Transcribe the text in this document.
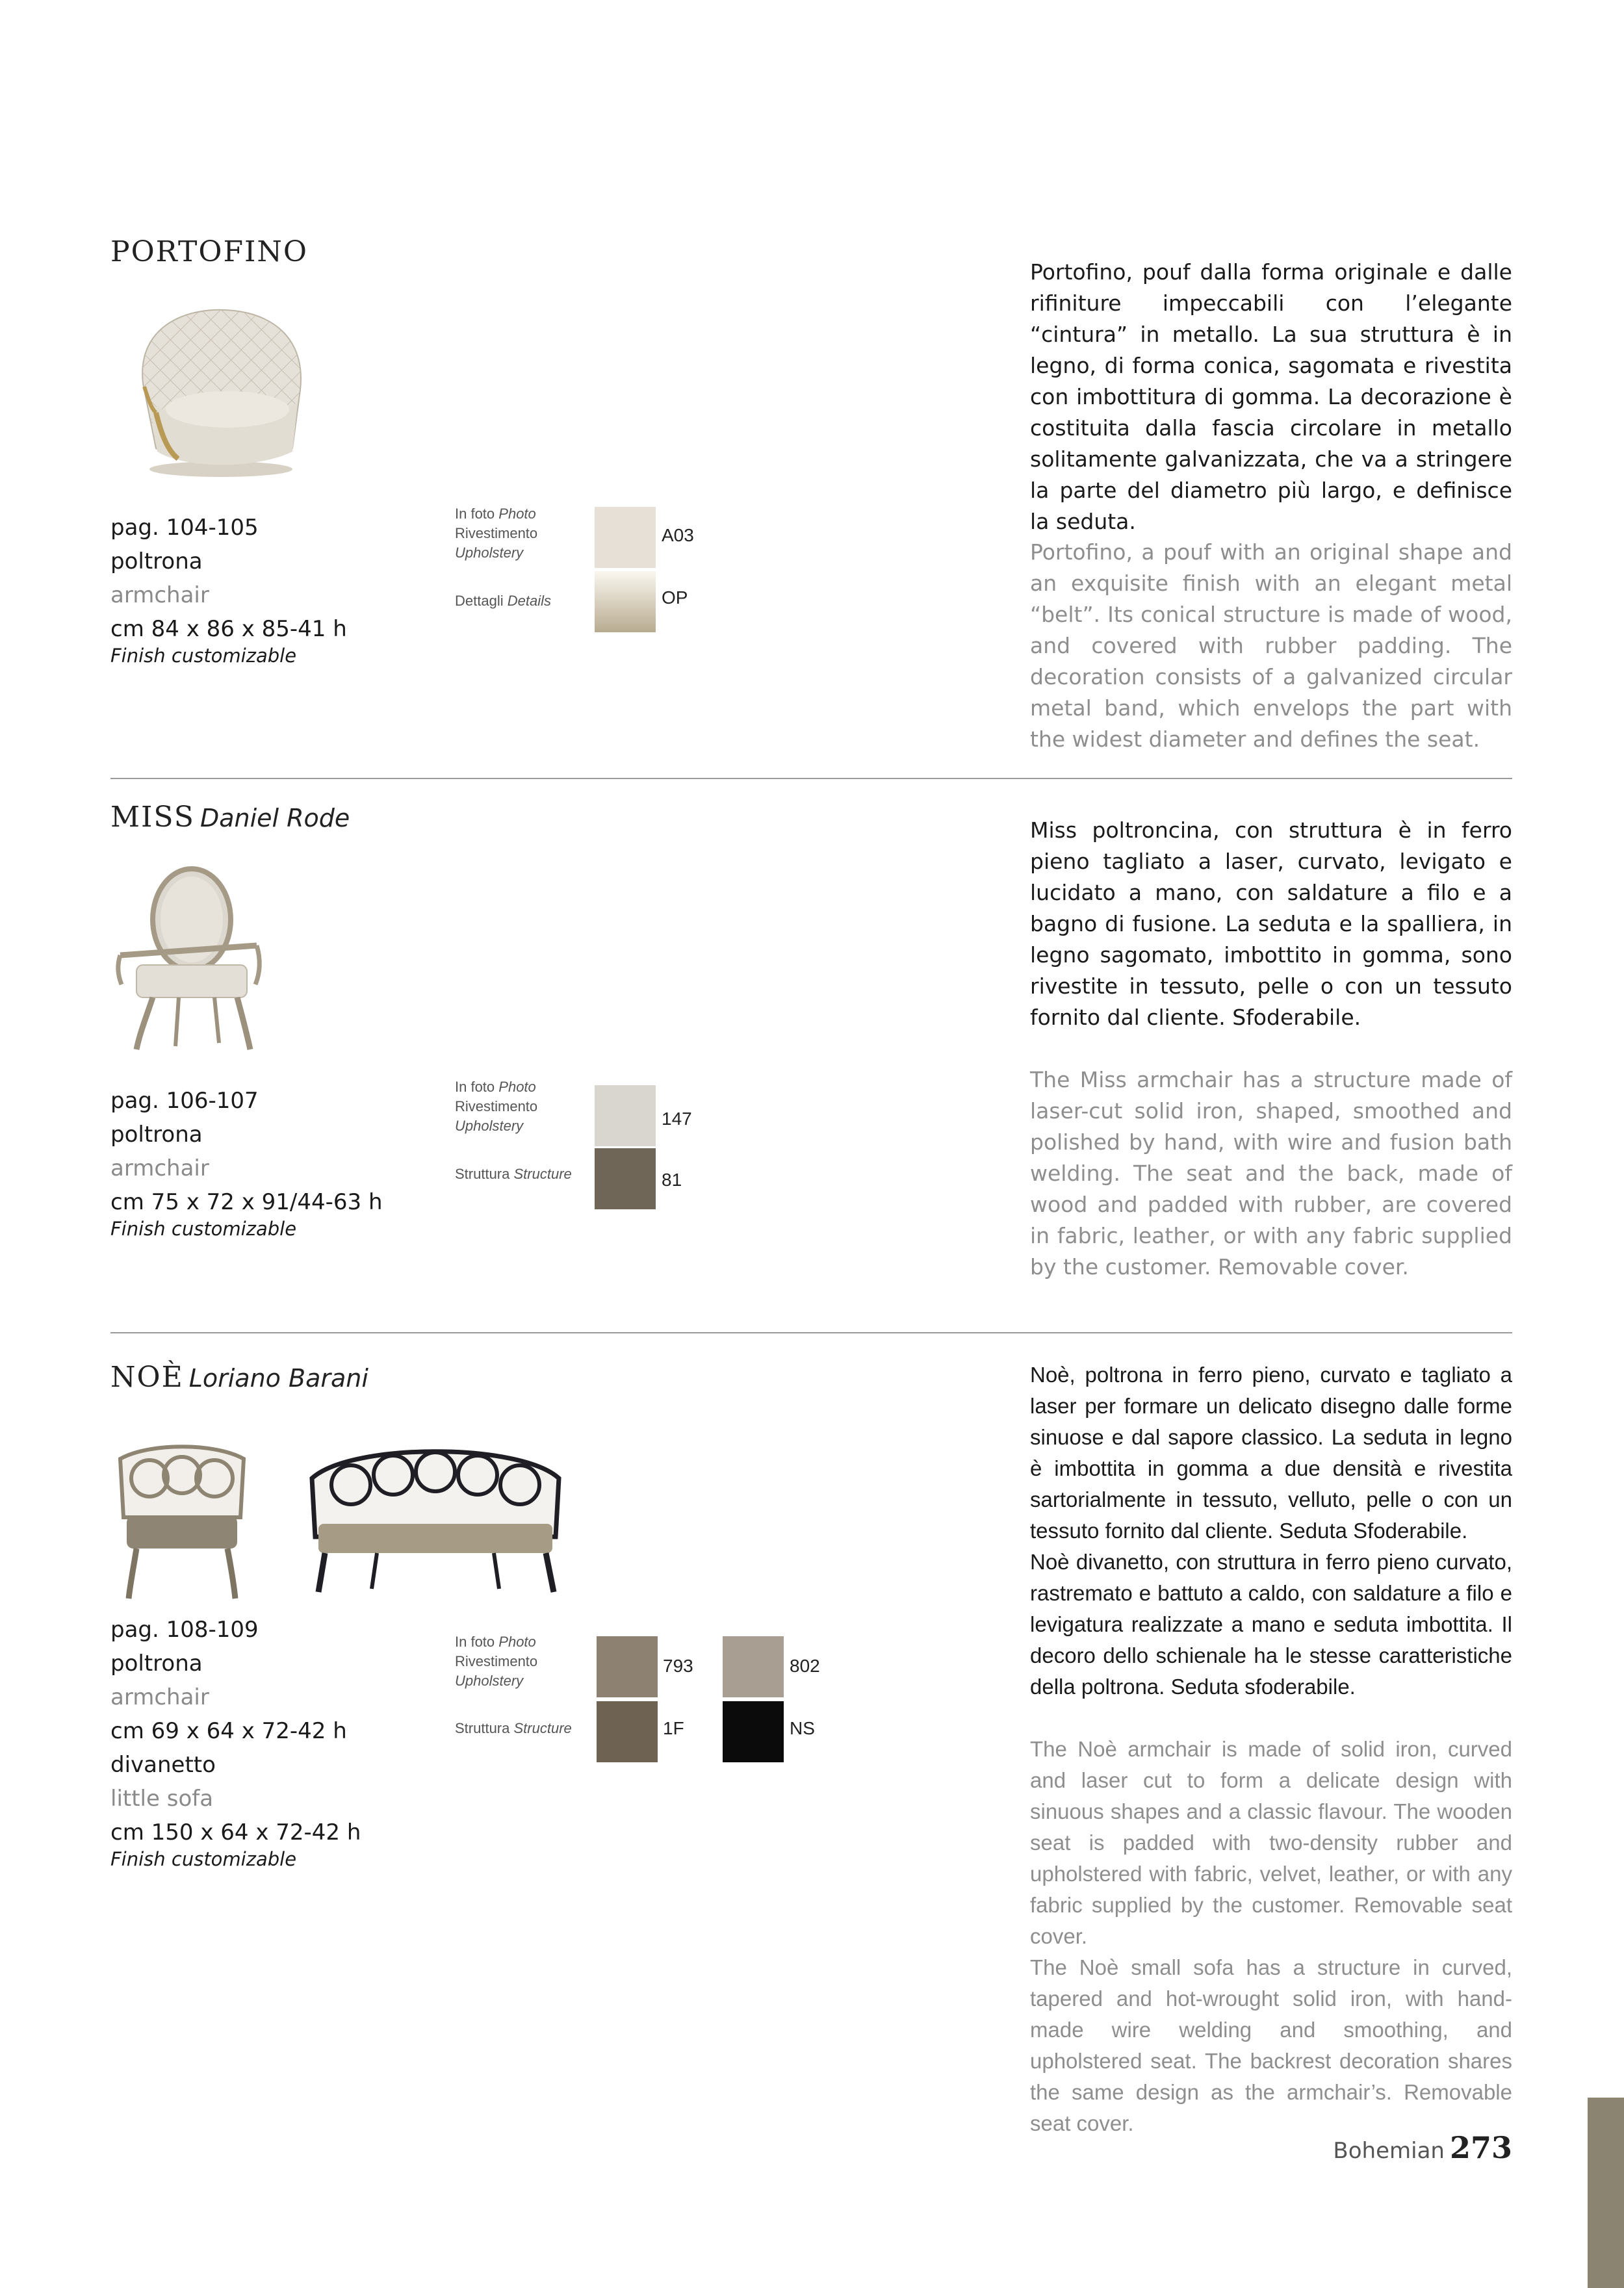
PORTOFINO
pag. 104-105
poltrona
armchair
cm 84 x 86 x 85-41 h
Finish customizable
In foto Photo
Rivestimento
Upholstery
Dettagli Details
A03
OP
Portofino, pouf dalla forma originale e dalle rifiniture impeccabili con l’elegante “cintura” in metallo. La sua struttura è in legno, di forma conica, sagomata e rivestita con imbottitura di gomma. La decorazione è costituita dalla fascia circolare in metallo solitamente galvanizzata, che va a stringere la parte del diametro più largo, e definisce la seduta.
Portofino, a pouf with an original shape and an exquisite finish with an elegant metal “belt”. Its conical structure is made of wood, and covered with rubber padding. The decoration consists of a galvanized circular metal band, which envelops the part with the widest diameter and defines the seat.
MISS Daniel Rode
pag. 106-107
poltrona
armchair
cm 75 x 72 x 91/44-63 h
Finish customizable
In foto Photo
Rivestimento
Upholstery
Struttura Structure
147
81
Miss poltroncina, con struttura è in ferro pieno tagliato a laser, curvato, levigato e lucidato a mano, con saldature a filo e a bagno di fusione. La seduta e la spalliera, in legno sagomato, imbottito in gomma, sono rivestite in tessuto, pelle o con un tessuto fornito dal cliente. Sfoderabile.
The Miss armchair has a structure made of laser-cut solid iron, shaped, smoothed and polished by hand, with wire and fusion bath welding. The seat and the back, made of wood and padded with rubber, are covered in fabric, leather, or with any fabric supplied by the customer. Removable cover.
NOÈ Loriano Barani
pag. 108-109
poltrona
armchair
cm 69 x 64 x 72-42 h
divanetto
little sofa
cm 150 x 64 x 72-42 h
Finish customizable
In foto Photo
Rivestimento
Upholstery
Struttura Structure
793	802
1F	NS
Noè, poltrona in ferro pieno, curvato e tagliato a laser per formare un delicato disegno dalle forme sinuose e dal sapore classico. La seduta in legno è imbottita in gomma a due densità e rivestita sartorialmente in tessuto, velluto, pelle o con un tessuto fornito dal cliente. Seduta Sfoderabile.
Noè divanetto, con struttura in ferro pieno curvato, rastremato e battuto a caldo, con saldature a filo e levigatura realizzate a mano e seduta imbottita. Il decoro dello schienale ha le stesse caratteristiche della poltrona. Seduta sfoderabile.
The Noè armchair is made of solid iron, curved and laser cut to form a delicate design with sinuous shapes and a classic flavour. The wooden seat is padded with two-density rubber and upholstered with fabric, velvet, leather, or with any fabric supplied by the customer. Removable seat cover.
The Noè small sofa has a structure in curved, tapered and hot-wrought solid iron, with hand-made wire welding and smoothing, and upholstered seat. The backrest decoration shares the same design as the armchair’s. Removable seat cover.
Bohemian 273
